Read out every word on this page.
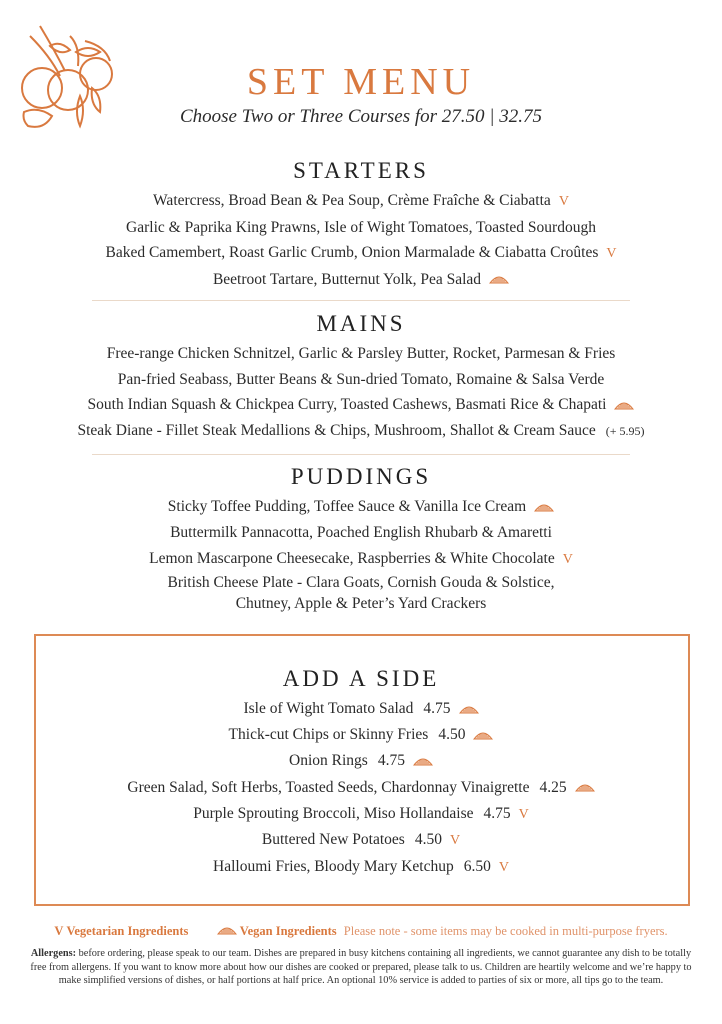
SET MENU
Choose Two or Three Courses for 27.50 | 32.75
STARTERS
Watercress, Broad Bean & Pea Soup, Crème Fraîche & Ciabatta V
Garlic & Paprika King Prawns, Isle of Wight Tomatoes, Toasted Sourdough
Baked Camembert, Roast Garlic Crumb, Onion Marmalade & Ciabatta Croûtes V
Beetroot Tartare, Butternut Yolk, Pea Salad
MAINS
Free-range Chicken Schnitzel, Garlic & Parsley Butter, Rocket, Parmesan & Fries
Pan-fried Seabass, Butter Beans & Sun-dried Tomato, Romaine & Salsa Verde
South Indian Squash & Chickpea Curry, Toasted Cashews, Basmati Rice & Chapati
Steak Diane - Fillet Steak Medallions & Chips, Mushroom, Shallot & Cream Sauce (+ 5.95)
PUDDINGS
Sticky Toffee Pudding, Toffee Sauce & Vanilla Ice Cream
Buttermilk Pannacotta, Poached English Rhubarb & Amaretti
Lemon Mascarpone Cheesecake, Raspberries & White Chocolate V
British Cheese Plate - Clara Goats, Cornish Gouda & Solstice,
Chutney, Apple & Peter’s Yard Crackers
ADD A SIDE
Isle of Wight Tomato Salad 4.75
Thick-cut Chips or Skinny Fries 4.50
Onion Rings 4.75
Green Salad, Soft Herbs, Toasted Seeds, Chardonnay Vinaigrette 4.25
Purple Sprouting Broccoli, Miso Hollandaise 4.75 V
Buttered New Potatoes 4.50 V
Halloumi Fries, Bloody Mary Ketchup 6.50 V
V Vegetarian Ingredients	Vegan Ingredients Please note - some items may be cooked in multi-purpose fryers.
Allergens: before ordering, please speak to our team. Dishes are prepared in busy kitchens containing all ingredients, we cannot guarantee any dish to be totally free from allergens. If you want to know more about how our dishes are cooked or prepared, please talk to us. Children are heartily welcome and we’re happy to make simplified versions of dishes, or half portions at half price. An optional 10% service is added to parties of six or more, all tips go to the team.
